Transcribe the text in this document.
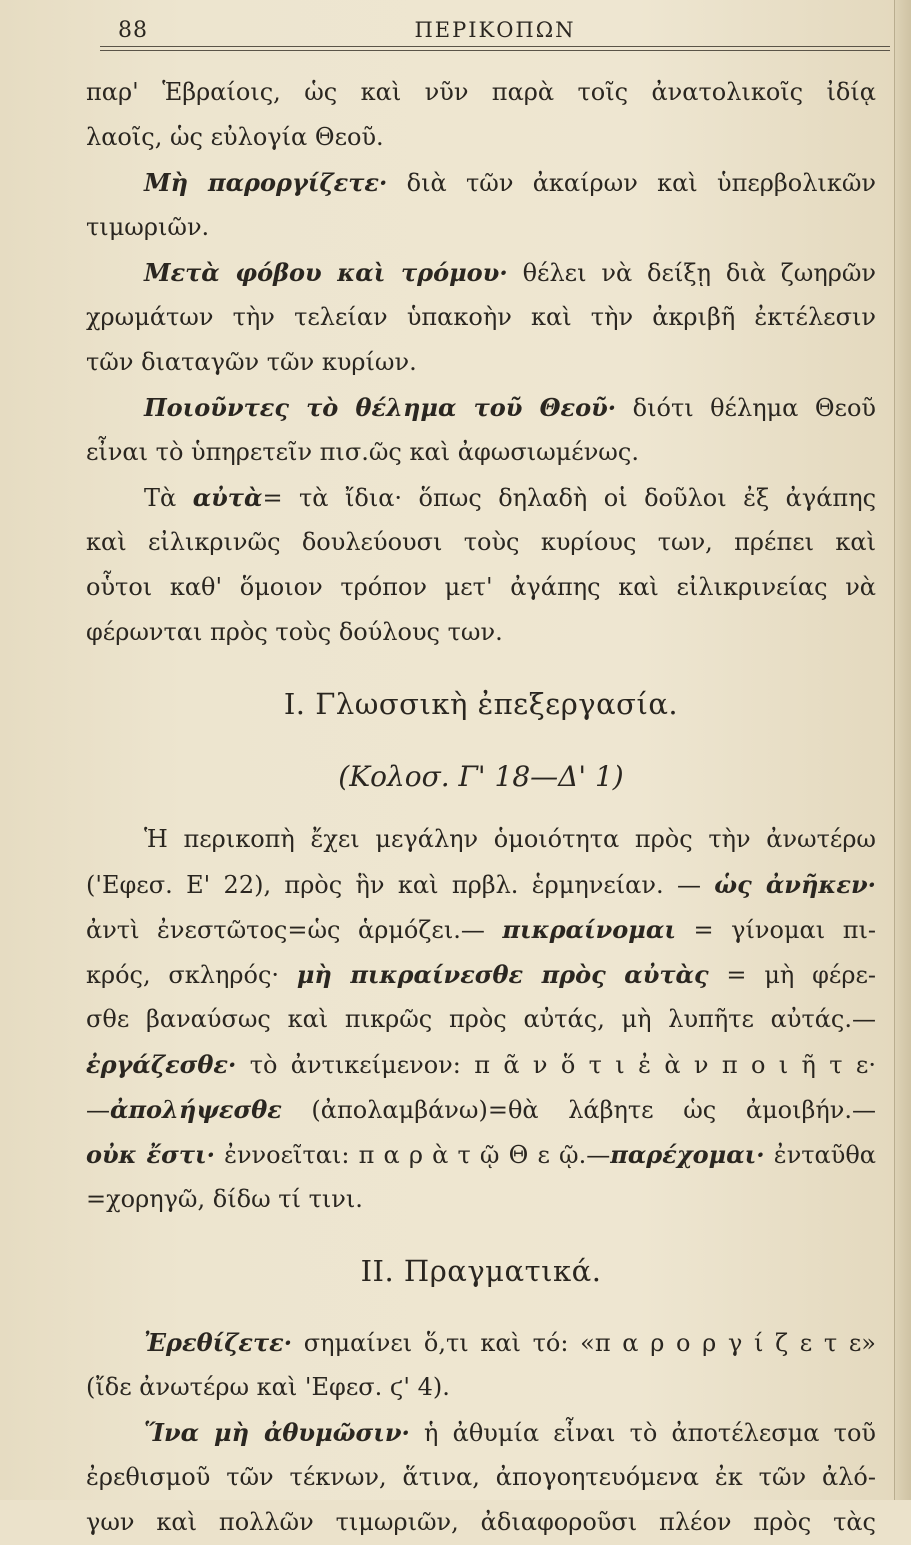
88	ΠΕΡΙΚΟΠΩΝ
παρ' Ἑβραίοις, ὡς καὶ νῦν παρὰ τοῖς ἀνατολικοῖς ἰδίᾳ
λαοῖς, ὡς εὐλογία Θεοῦ.
Μὴ παροργίζετε· διὰ τῶν ἀκαίρων καὶ ὑπερβολικῶν
τιμωριῶν.
Μετὰ φόβου καὶ τρόμου· θέλει νὰ δείξῃ διὰ ζωηρῶν
χρωμάτων τὴν τελείαν ὑπακοὴν καὶ τὴν ἀκριβῆ ἐκτέλεσιν
τῶν διαταγῶν τῶν κυρίων.
Ποιοῦντες τὸ θέλημα τοῦ Θεοῦ· διότι θέλημα Θεοῦ
εἶναι τὸ ὑπηρετεῖν πισ.ῶς καὶ ἀφωσιωμένως.
Τὰ αὐτὰ= τὰ ἴδια· ὅπως δηλαδὴ οἱ δοῦλοι ἐξ ἀγάπης
καὶ εἰλικρινῶς δουλεύουσι τοὺς κυρίους των, πρέπει καὶ
οὗτοι καθ' ὅμοιον τρόπον μετ' ἀγάπης καὶ εἰλικρινείας νὰ
φέρωνται πρὸς τοὺς δούλους των.
I. Γλωσσικὴ ἐπεξεργασία.
(Κολοσ. Γ' 18—Δ' 1)
Ἡ περικοπὴ ἔχει μεγάλην ὁμοιότητα πρὸς τὴν ἀνωτέρω
('Εφεσ. Ε' 22), πρὸς ἣν καὶ πρβλ. ἑρμηνείαν. — ὡς ἀνῆκεν·
ἀντὶ ἐνεστῶτος=ὡς ἁρμόζει.— πικραίνομαι = γίνομαι πι-
κρός, σκληρός· μὴ πικραίνεσθε πρὸς αὐτὰς = μὴ φέρε-
σθε βαναύσως καὶ πικρῶς πρὸς αὐτάς, μὴ λυπῆτε αὐτάς.—
ἐργάζεσθε· τὸ ἀντικείμενον: π ᾶ ν ὅ τ ι ἐ ὰ ν π ο ι ῆ τ ε·
—ἀπολήψεσθε (ἀπολαμβάνω)=θὰ λάβητε ὡς ἀμοιβήν.—
οὐκ ἔστι· ἐννοεῖται: π α ρ ὰ τ ῷ Θ ε ῷ.—παρέχομαι· ἐνταῦθα
=χορηγῶ, δίδω τί τινι.
II. Πραγματικά.
Ἐρεθίζετε· σημαίνει ὅ,τι καὶ τό: «π α ρ ο ρ γ ί ζ ε τ ε»
(ἴδε ἀνωτέρω καὶ 'Εφεσ. ϛ' 4).
Ἵνα μὴ ἀθυμῶσιν· ἡ ἀθυμία εἶναι τὸ ἀποτέλεσμα τοῦ
ἐρεθισμοῦ τῶν τέκνων, ἅτινα, ἀπογοητευόμενα ἐκ τῶν ἀλό-
γων καὶ πολλῶν τιμωριῶν, ἀδιαφοροῦσι πλέον πρὸς τὰς
